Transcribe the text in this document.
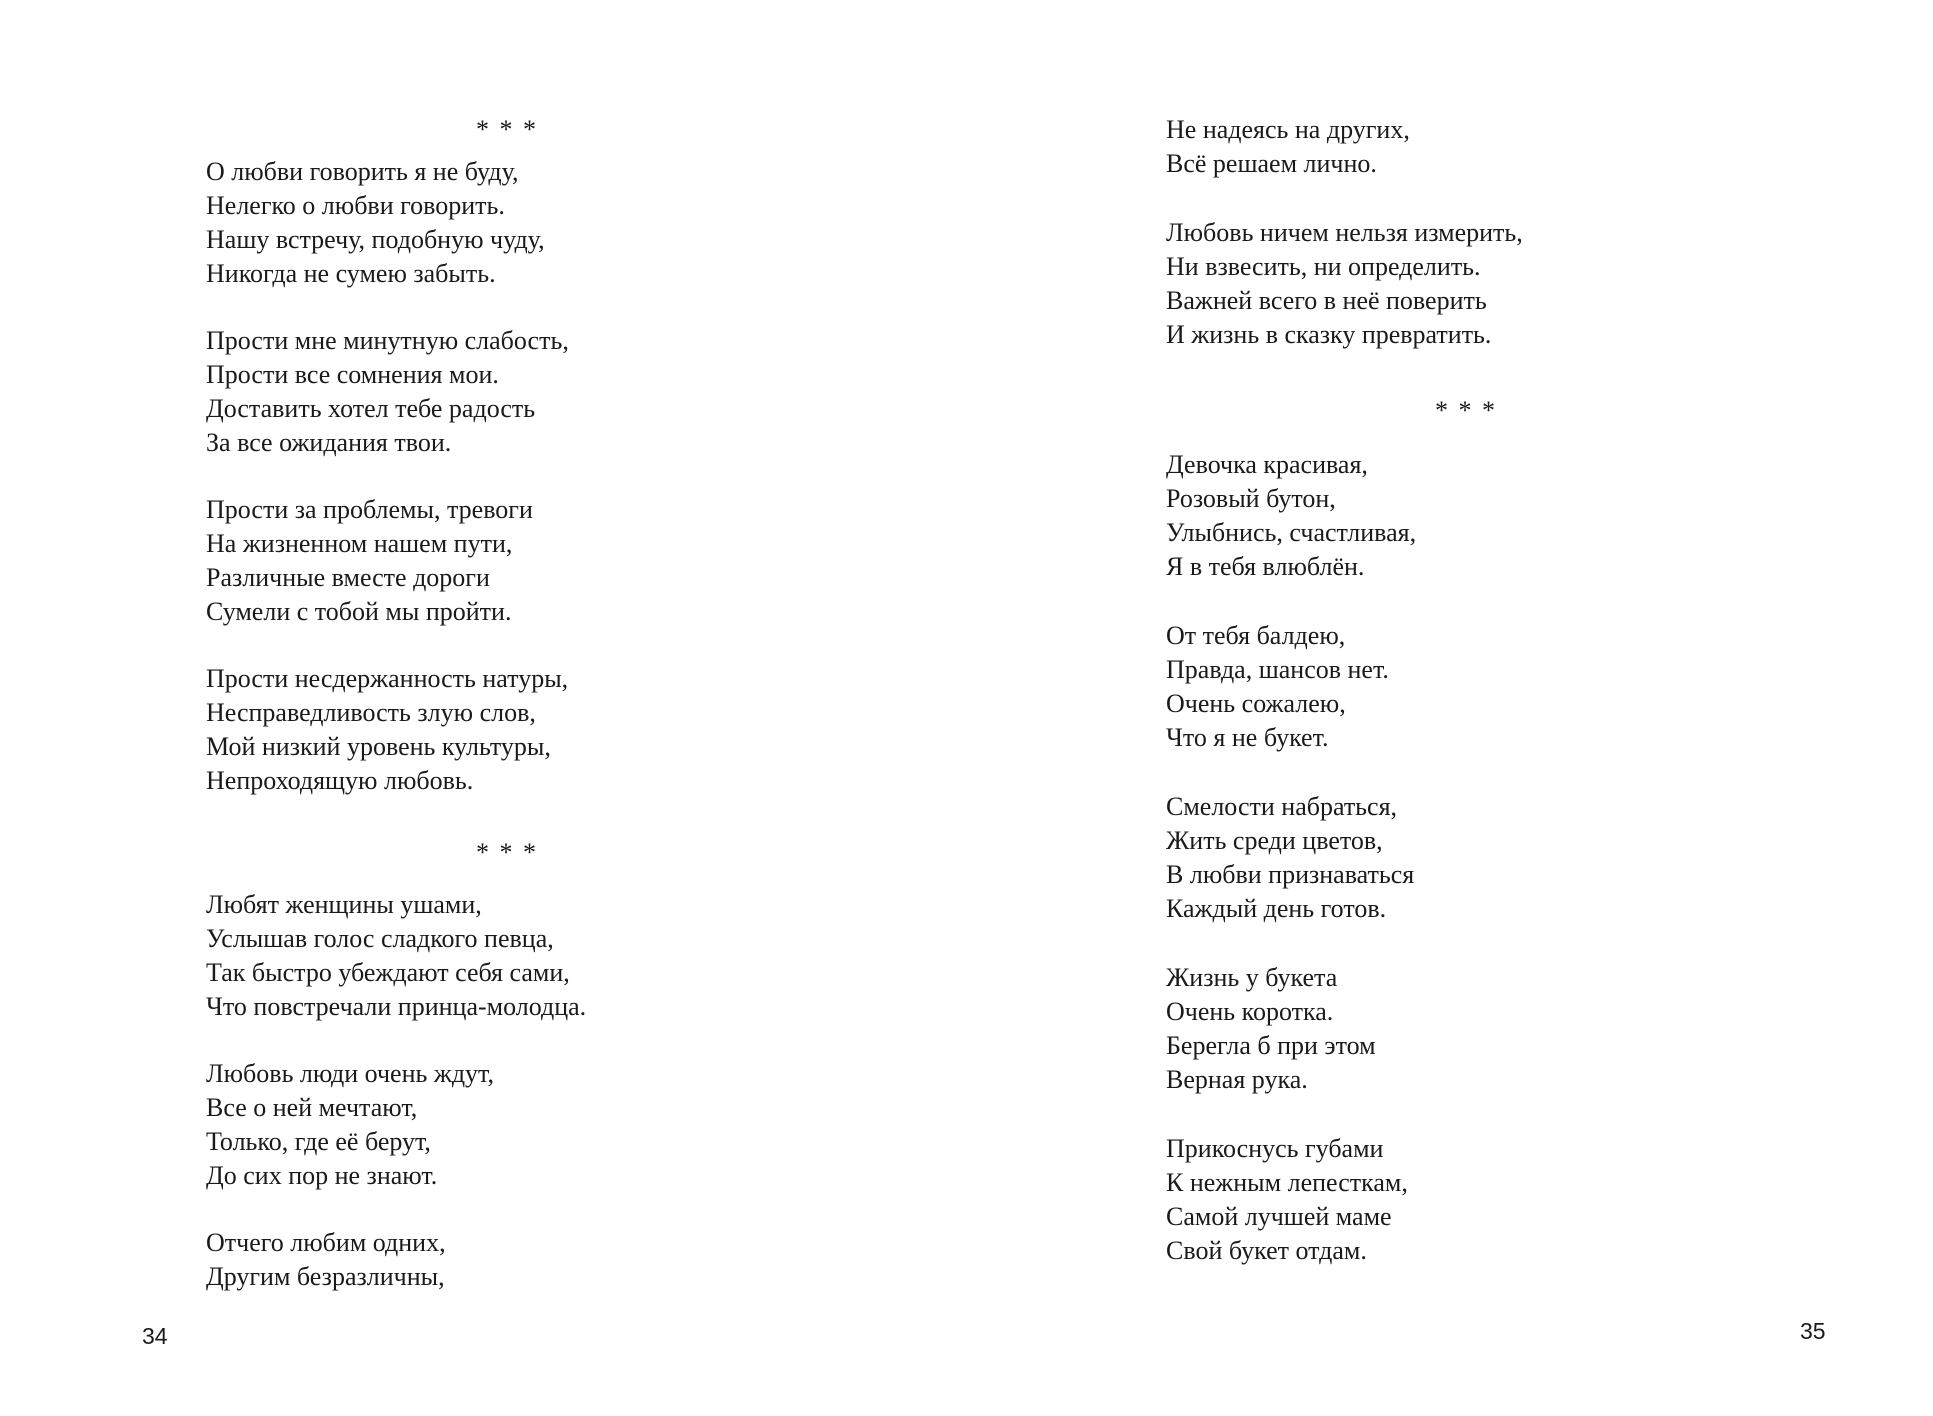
* * *
О любви говорить я не буду,
Нелегко о любви говорить.
Нашу встречу, подобную чуду,
Никогда не сумею забыть.
Прости мне минутную слабость,
Прости все сомнения мои.
Доставить хотел тебе радость
За все ожидания твои.
Прости за проблемы, тревоги
На жизненном нашем пути,
Различные вместе дороги
Сумели с тобой мы пройти.
Прости несдержанность натуры,
Несправедливость злую слов,
Мой низкий уровень культуры,
Непроходящую любовь.
* * *
Любят женщины ушами,
Услышав голос сладкого певца,
Так быстро убеждают себя сами,
Что повстречали принца-молодца.
Любовь люди очень ждут,
Все о ней мечтают,
Только, где её берут,
До сих пор не знают.
Отчего любим одних,
Другим безразличны,
34
Не надеясь на других,
Всё решаем лично.
Любовь ничем нельзя измерить,
Ни взвесить, ни определить.
Важней всего в неё поверить
И жизнь в сказку превратить.
* * *
Девочка красивая,
Розовый бутон,
Улыбнись, счастливая,
Я в тебя влюблён.
От тебя балдею,
Правда, шансов нет.
Очень сожалею,
Что я не букет.
Смелости набраться,
Жить среди цветов,
В любви признаваться
Каждый день готов.
Жизнь у букета
Очень коротка.
Берегла б при этом
Верная рука.
Прикоснусь губами
К нежным лепесткам,
Самой лучшей маме
Свой букет отдам.
35
